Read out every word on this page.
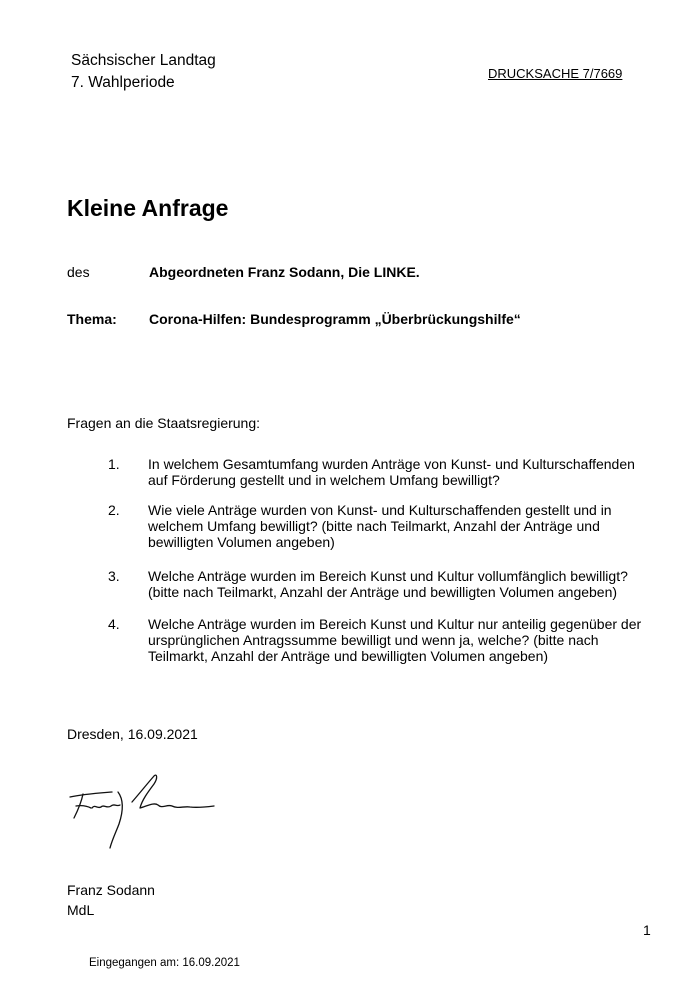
Sächsischer Landtag
7. Wahlperiode
DRUCKSACHE 7/7669
Kleine Anfrage
des	Abgeordneten Franz Sodann, Die LINKE.
Thema: Corona-Hilfen: Bundesprogramm „Überbrückungshilfe“
Fragen an die Staatsregierung:
1. In welchem Gesamtumfang wurden Anträge von Kunst- und Kulturschaffenden auf Förderung gestellt und in welchem Umfang bewilligt?
2. Wie viele Anträge wurden von Kunst- und Kulturschaffenden gestellt und in welchem Umfang bewilligt? (bitte nach Teilmarkt, Anzahl der Anträge und bewilligten Volumen angeben)
3. Welche Anträge wurden im Bereich Kunst und Kultur vollumfänglich bewilligt? (bitte nach Teilmarkt, Anzahl der Anträge und bewilligten Volumen angeben)
4. Welche Anträge wurden im Bereich Kunst und Kultur nur anteilig gegenüber der ursprünglichen Antragssumme bewilligt und wenn ja, welche? (bitte nach Teilmarkt, Anzahl der Anträge und bewilligten Volumen angeben)
Dresden, 16.09.2021
Franz Sodann
MdL
1
Eingegangen am: 16.09.2021
